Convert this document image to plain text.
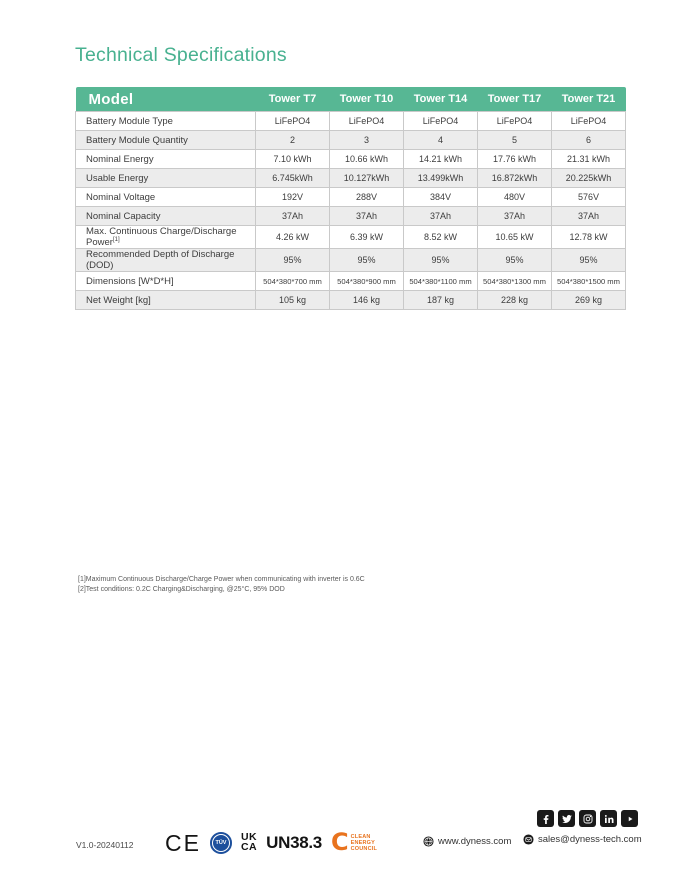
Technical Specifications
Model	Tower T7	Tower T10	Tower T14	Tower T17	Tower T21
Battery Module Type	LiFePO4	LiFePO4	LiFePO4	LiFePO4	LiFePO4
Battery Module Quantity	2	3	4	5	6
Nominal Energy	7.10 kWh	10.66 kWh	14.21 kWh	17.76 kWh	21.31 kWh
Usable Energy	6.745kWh	10.127kWh	13.499kWh	16.872kWh	20.225kWh
Nominal Voltage	192V	288V	384V	480V	576V
Nominal Capacity	37Ah	37Ah	37Ah	37Ah	37Ah
Max. Continuous Charge/Discharge Power[1]	4.26 kW	6.39 kW	8.52 kW	10.65 kW	12.78 kW
Recommended Depth of Discharge (DOD)	95%	95%	95%	95%	95%
Dimensions [W*D*H]	504*380*700 mm	504*380*900 mm	504*380*1100 mm	504*380*1300 mm	504*380*1500 mm
Net Weight [kg]	105 kg	146 kg	187 kg	228 kg	269 kg
[1]Maximum Continuous Discharge/Charge Power when communicating with inverter is 0.6C
[2]Test conditions: 0.2C Charging&Discharging, @25°C, 95% DOD
V1.0-20240112 CE	TÜV	UK
CA UN38.3 C CLEAN
ENERGY
COUNCIL
www.dyness.com	sales@dyness-tech.com
